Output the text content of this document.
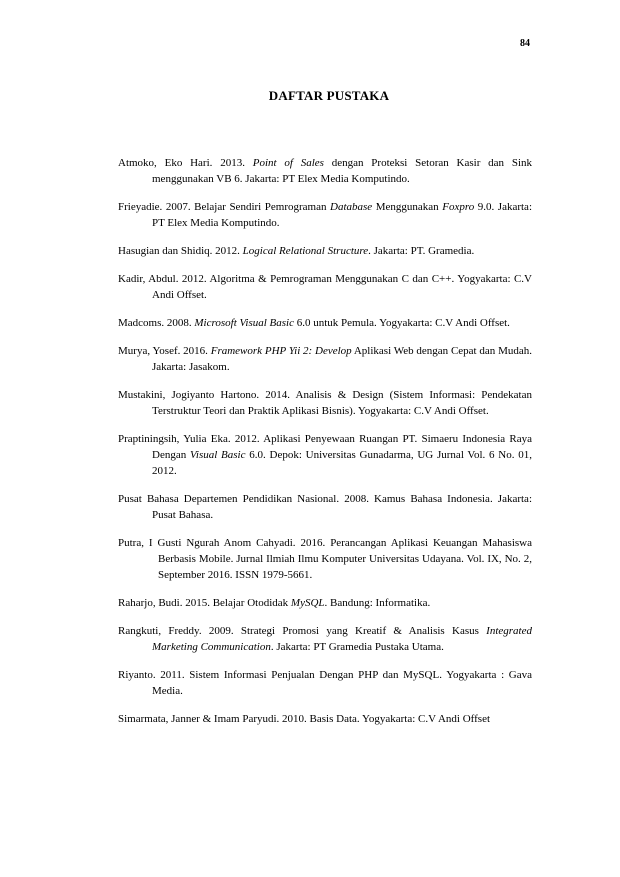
84
DAFTAR PUSTAKA
Atmoko, Eko Hari. 2013. Point of Sales dengan Proteksi Setoran Kasir dan Sink menggunakan VB 6. Jakarta: PT Elex Media Komputindo.
Frieyadie. 2007. Belajar Sendiri Pemrograman Database Menggunakan Foxpro 9.0. Jakarta: PT Elex Media Komputindo.
Hasugian dan Shidiq. 2012. Logical Relational Structure. Jakarta: PT. Gramedia.
Kadir, Abdul. 2012. Algoritma & Pemrograman Menggunakan C dan C++. Yogyakarta: C.V Andi Offset.
Madcoms. 2008. Microsoft Visual Basic 6.0 untuk Pemula. Yogyakarta: C.V Andi Offset.
Murya, Yosef. 2016. Framework PHP Yii 2: Develop Aplikasi Web dengan Cepat dan Mudah. Jakarta: Jasakom.
Mustakini, Jogiyanto Hartono. 2014. Analisis & Design (Sistem Informasi: Pendekatan Terstruktur Teori dan Praktik Aplikasi Bisnis). Yogyakarta: C.V Andi Offset.
Praptiningsih, Yulia Eka. 2012. Aplikasi Penyewaan Ruangan PT. Simaeru Indonesia Raya Dengan Visual Basic 6.0. Depok: Universitas Gunadarma, UG Jurnal Vol. 6 No. 01, 2012.
Pusat Bahasa Departemen Pendidikan Nasional. 2008. Kamus Bahasa Indonesia. Jakarta: Pusat Bahasa.
Putra, I Gusti Ngurah Anom Cahyadi. 2016. Perancangan Aplikasi Keuangan Mahasiswa Berbasis Mobile. Jurnal Ilmiah Ilmu Komputer Universitas Udayana. Vol. IX, No. 2, September 2016. ISSN 1979-5661.
Raharjo, Budi. 2015. Belajar Otodidak MySQL. Bandung: Informatika.
Rangkuti, Freddy. 2009. Strategi Promosi yang Kreatif & Analisis Kasus Integrated Marketing Communication. Jakarta: PT Gramedia Pustaka Utama.
Riyanto. 2011. Sistem Informasi Penjualan Dengan PHP dan MySQL. Yogyakarta : Gava Media.
Simarmata, Janner & Imam Paryudi. 2010. Basis Data. Yogyakarta: C.V Andi Offset
